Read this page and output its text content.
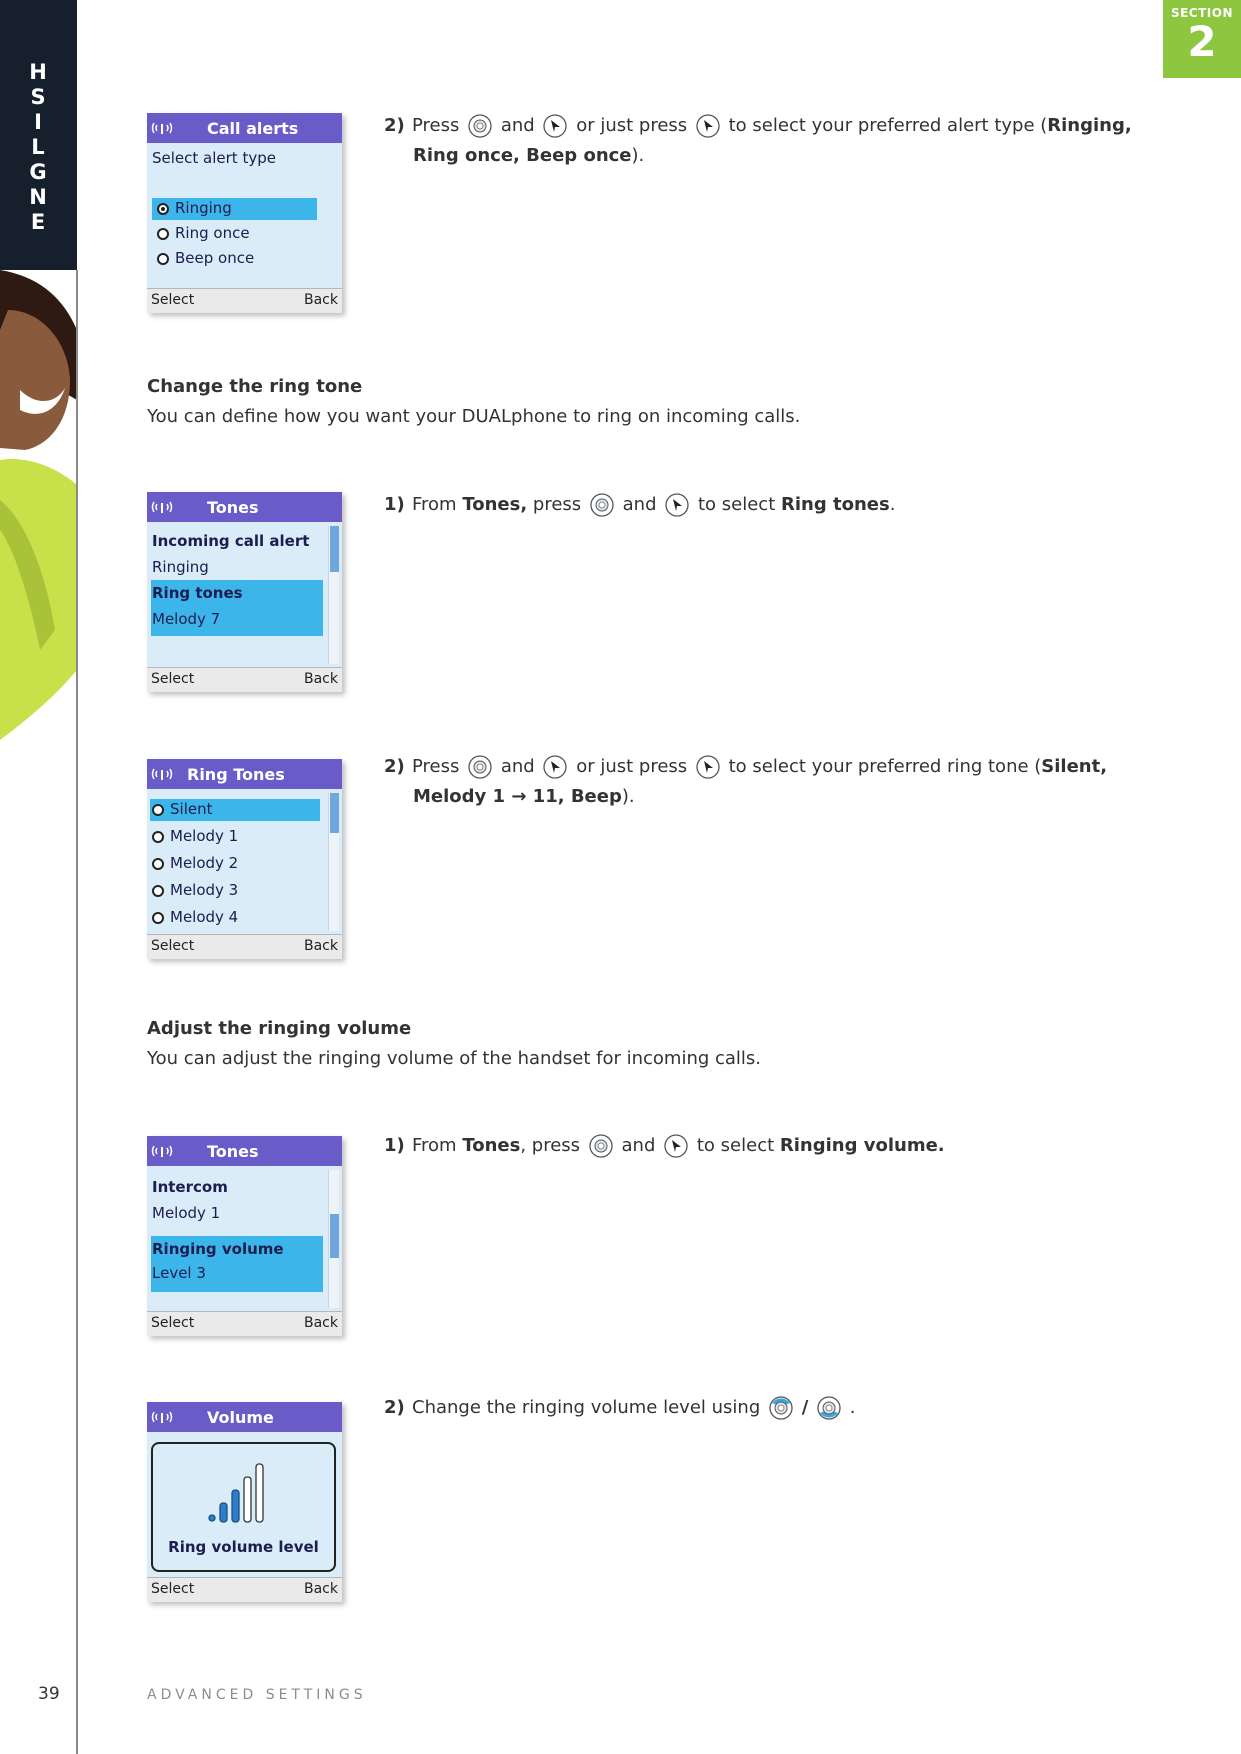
E
N
G
L
I
S
H
39	ADVANCED SETTINGS
SECTION
2
Call alerts
Select alert type
Ringing
Ring once
Beep once
Select	Back
2) Press and or just press to select your preferred alert type (Ringing,
Ring once, Beep once).
Change the ring tone
You can define how you want your DUALphone to ring on incoming calls.
Tones
Incoming call alert
Ringing
Ring tones
Melody 7
Select	Back
1) From Tones, press and to select Ring tones.
Ring Tones
Silent
Melody 1
Melody 2
Melody 3
Melody 4
Select	Back
2) Press and or just press to select your preferred ring tone (Silent,
Melody 1 → 11, Beep).
Adjust the ringing volume
You can adjust the ringing volume of the handset for incoming calls.
Tones
Intercom
Melody 1
Ringing volume
Level 3
Select	Back
1) From Tones, press and to select Ringing volume.
Volume
Ring volume level
Select	Back
2) Change the ringing volume level using / .
